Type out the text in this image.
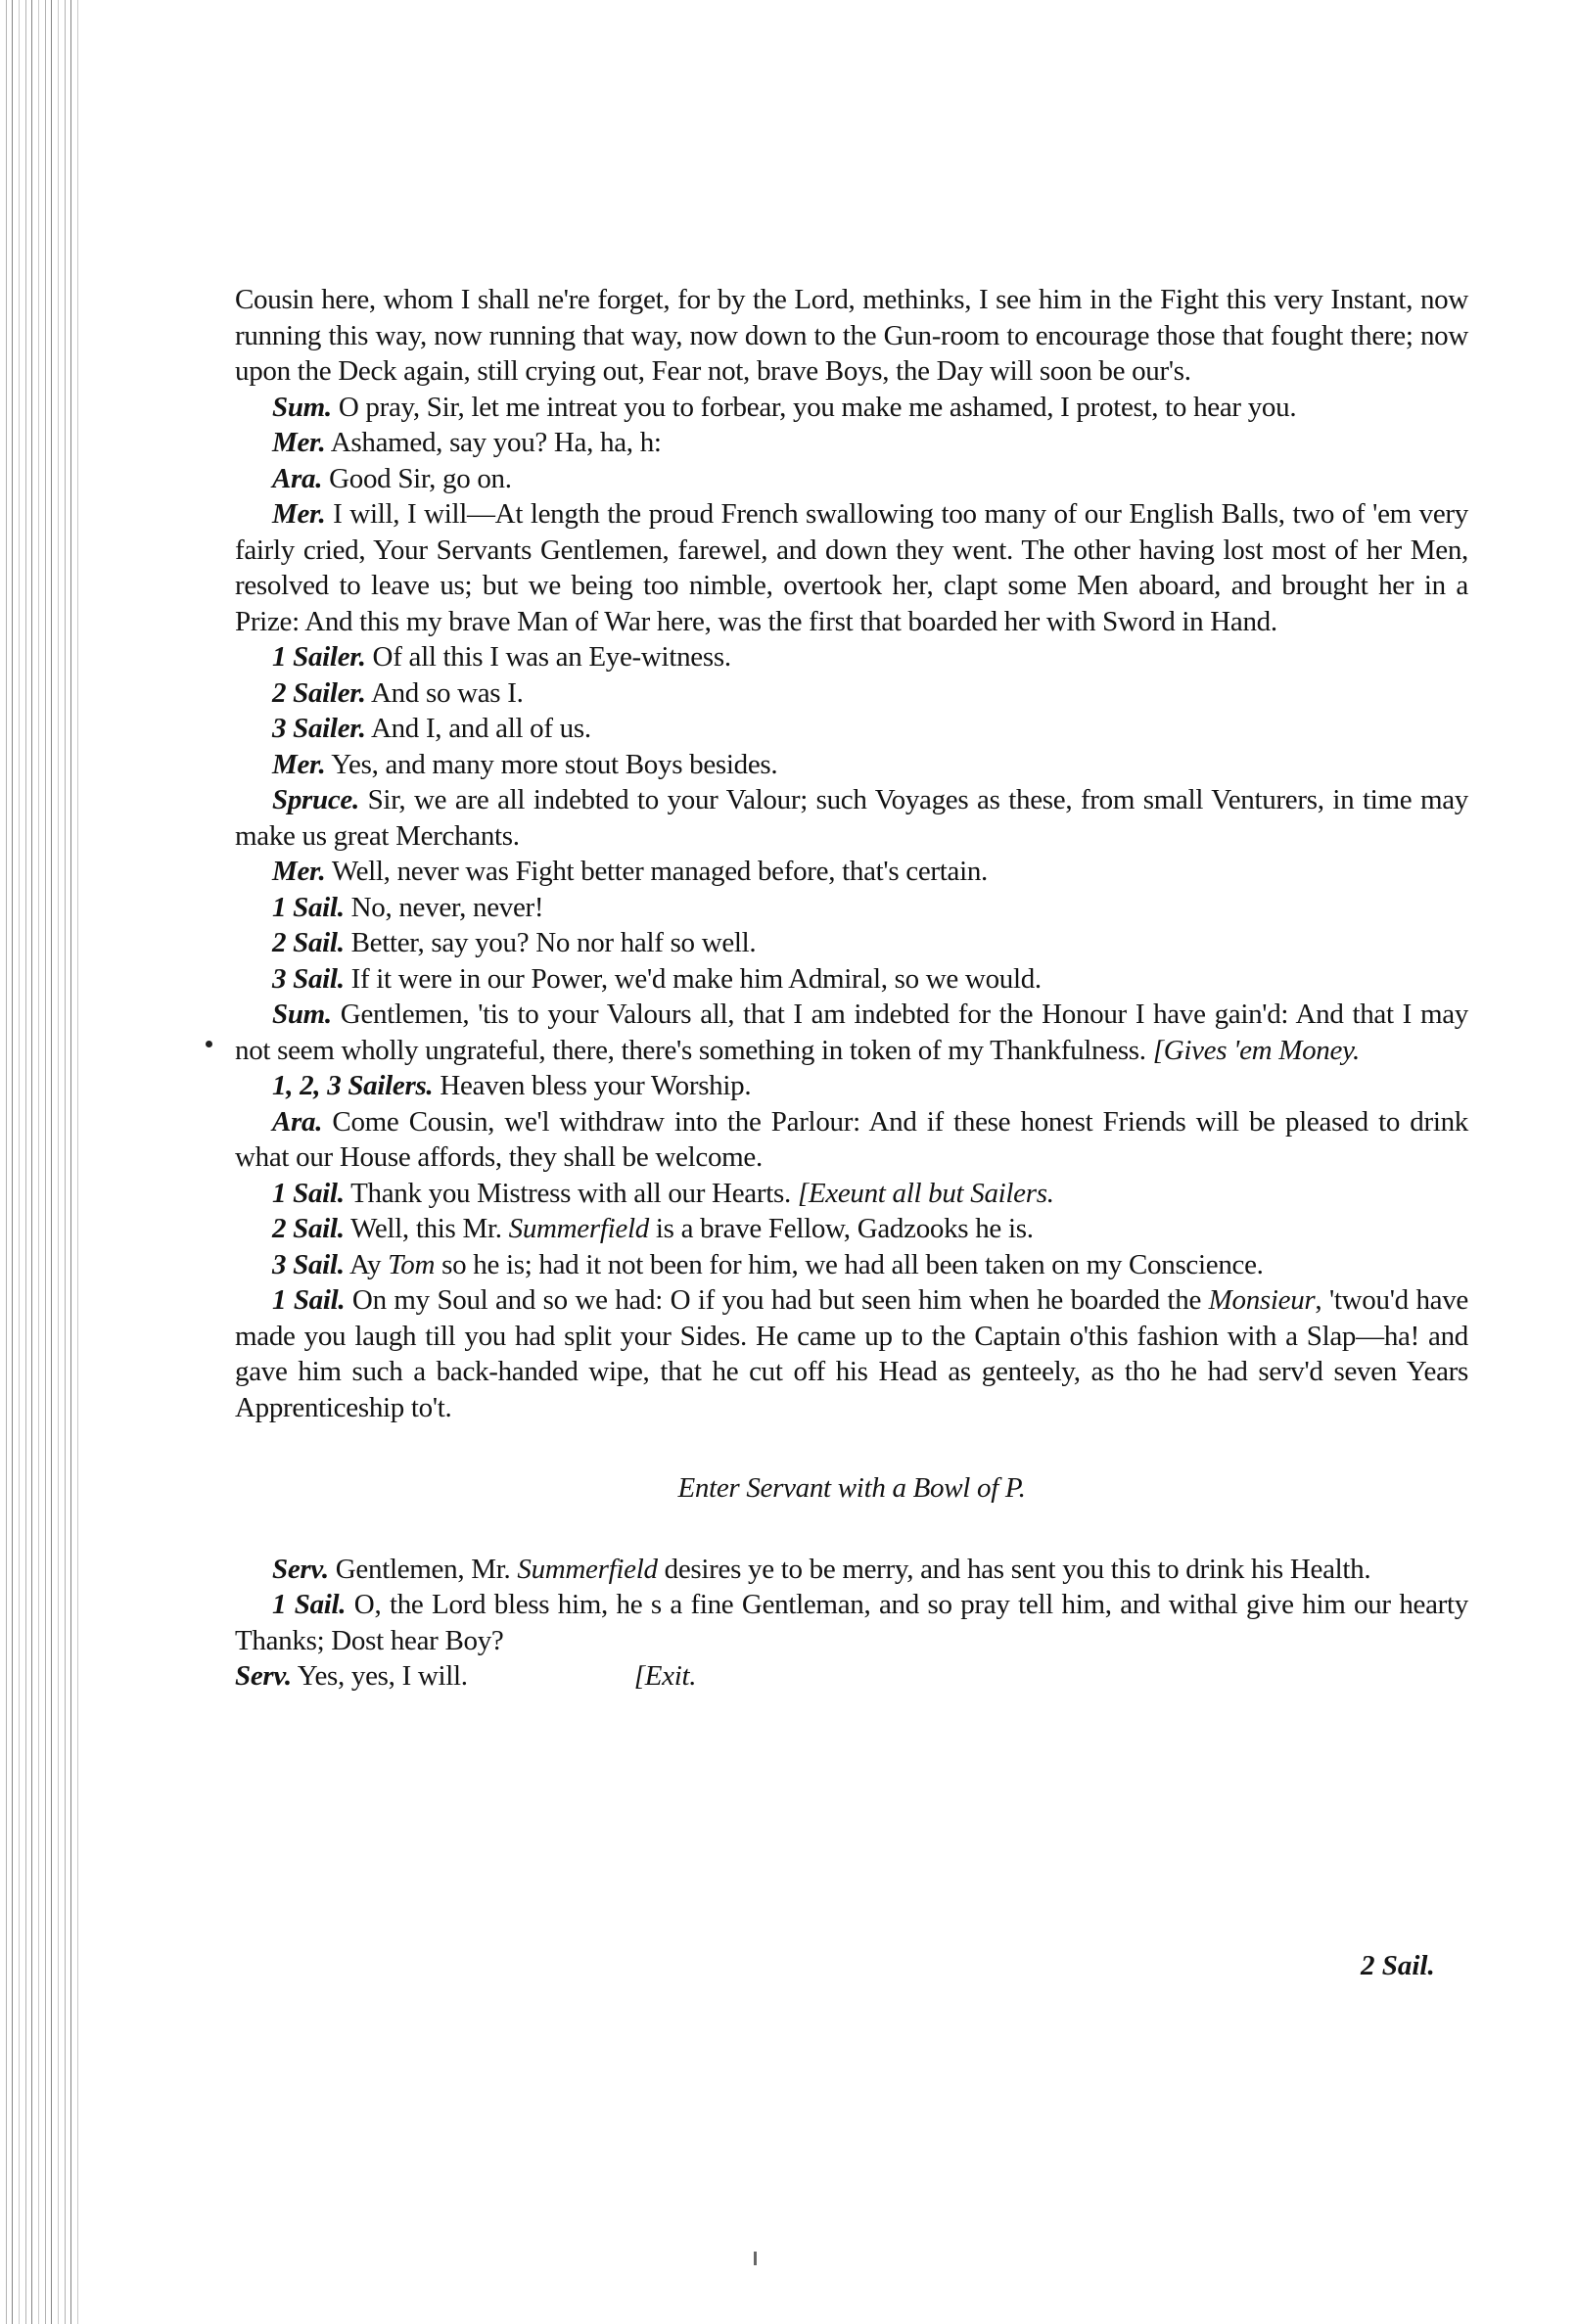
Cousin here, whom I shall ne're forget, for by the Lord, methinks, I see him in the Fight this very Instant, now running this way, now running that way, now down to the Gun-room to encourage those that fought there; now upon the Deck again, still crying out, Fear not, brave Boys, the Day will soon be our's.

Sum. O pray, Sir, let me intreat you to forbear, you make me ashamed, I protest, to hear you.

Mer. Ashamed, say you? Ha, ha, h:

Ara. Good Sir, go on.

Mer. I will, I will—At length the proud French swallowing too many of our English Balls, two of 'em very fairly cried, Your Servants Gentlemen, farewel, and down they went. The other having lost most of her Men, resolved to leave us; but we being too nimble, overtook her, clapt some Men aboard, and brought her in a Prize: And this my brave Man of War here, was the first that boarded her with Sword in Hand.

1 Sailer. Of all this I was an Eye-witness.

2 Sailer. And so was I.

3 Sailer. And I, and all of us.

Mer. Yes, and many more stout Boys besides.

Spruce. Sir, we are all indebted to your Valour; such Voyages as these, from small Venturers, in time may make us great Merchants.

Mer. Well, never was Fight better managed before, that's certain.

1 Sail. No, never, never!

2 Sail. Better, say you? No nor half so well.

3 Sail. If it were in our Power, we'd make him Admiral, so we would.

Sum. Gentlemen, 'tis to your Valours all, that I am indebted for the Honour I have gain'd: And that I may not seem wholly ungrateful, there, there's something in token of my Thankfulness. [Gives 'em Money.

1, 2, 3 Sailers. Heaven bless your Worship.

Ara. Come Cousin, we'l withdraw into the Parlour: And if these honest Friends will be pleased to drink what our House affords, they shall be welcome.

1 Sail. Thank you Mistress with all our Hearts. [Exeunt all but Sailers.

2 Sail. Well, this Mr. Summerfield is a brave Fellow, Gadzooks he is.

3 Sail. Ay Tom so he is; had it not been for him, we had all been taken on my Conscience.

1 Sail. On my Soul and so we had: O if you had but seen him when he boarded the Monsieur, 'twou'd have made you laugh till you had split your Sides. He came up to the Captain o'this fashion with a Slap—ha! and gave him such a back-handed wipe, that he cut off his Head as genteely, as tho he had serv'd seven Years Apprenticeship to't.

Enter Servant with a Bowl of P.

Serv. Gentlemen, Mr. Summerfield desires ye to be merry, and has sent you this to drink his Health.

1 Sail. O, the Lord bless him, he s a fine Gentleman, and so pray tell him, and withal give him our hearty Thanks; Dost hear Boy?

Serv. Yes, yes, I will.	[Exit.

2 Sail.
